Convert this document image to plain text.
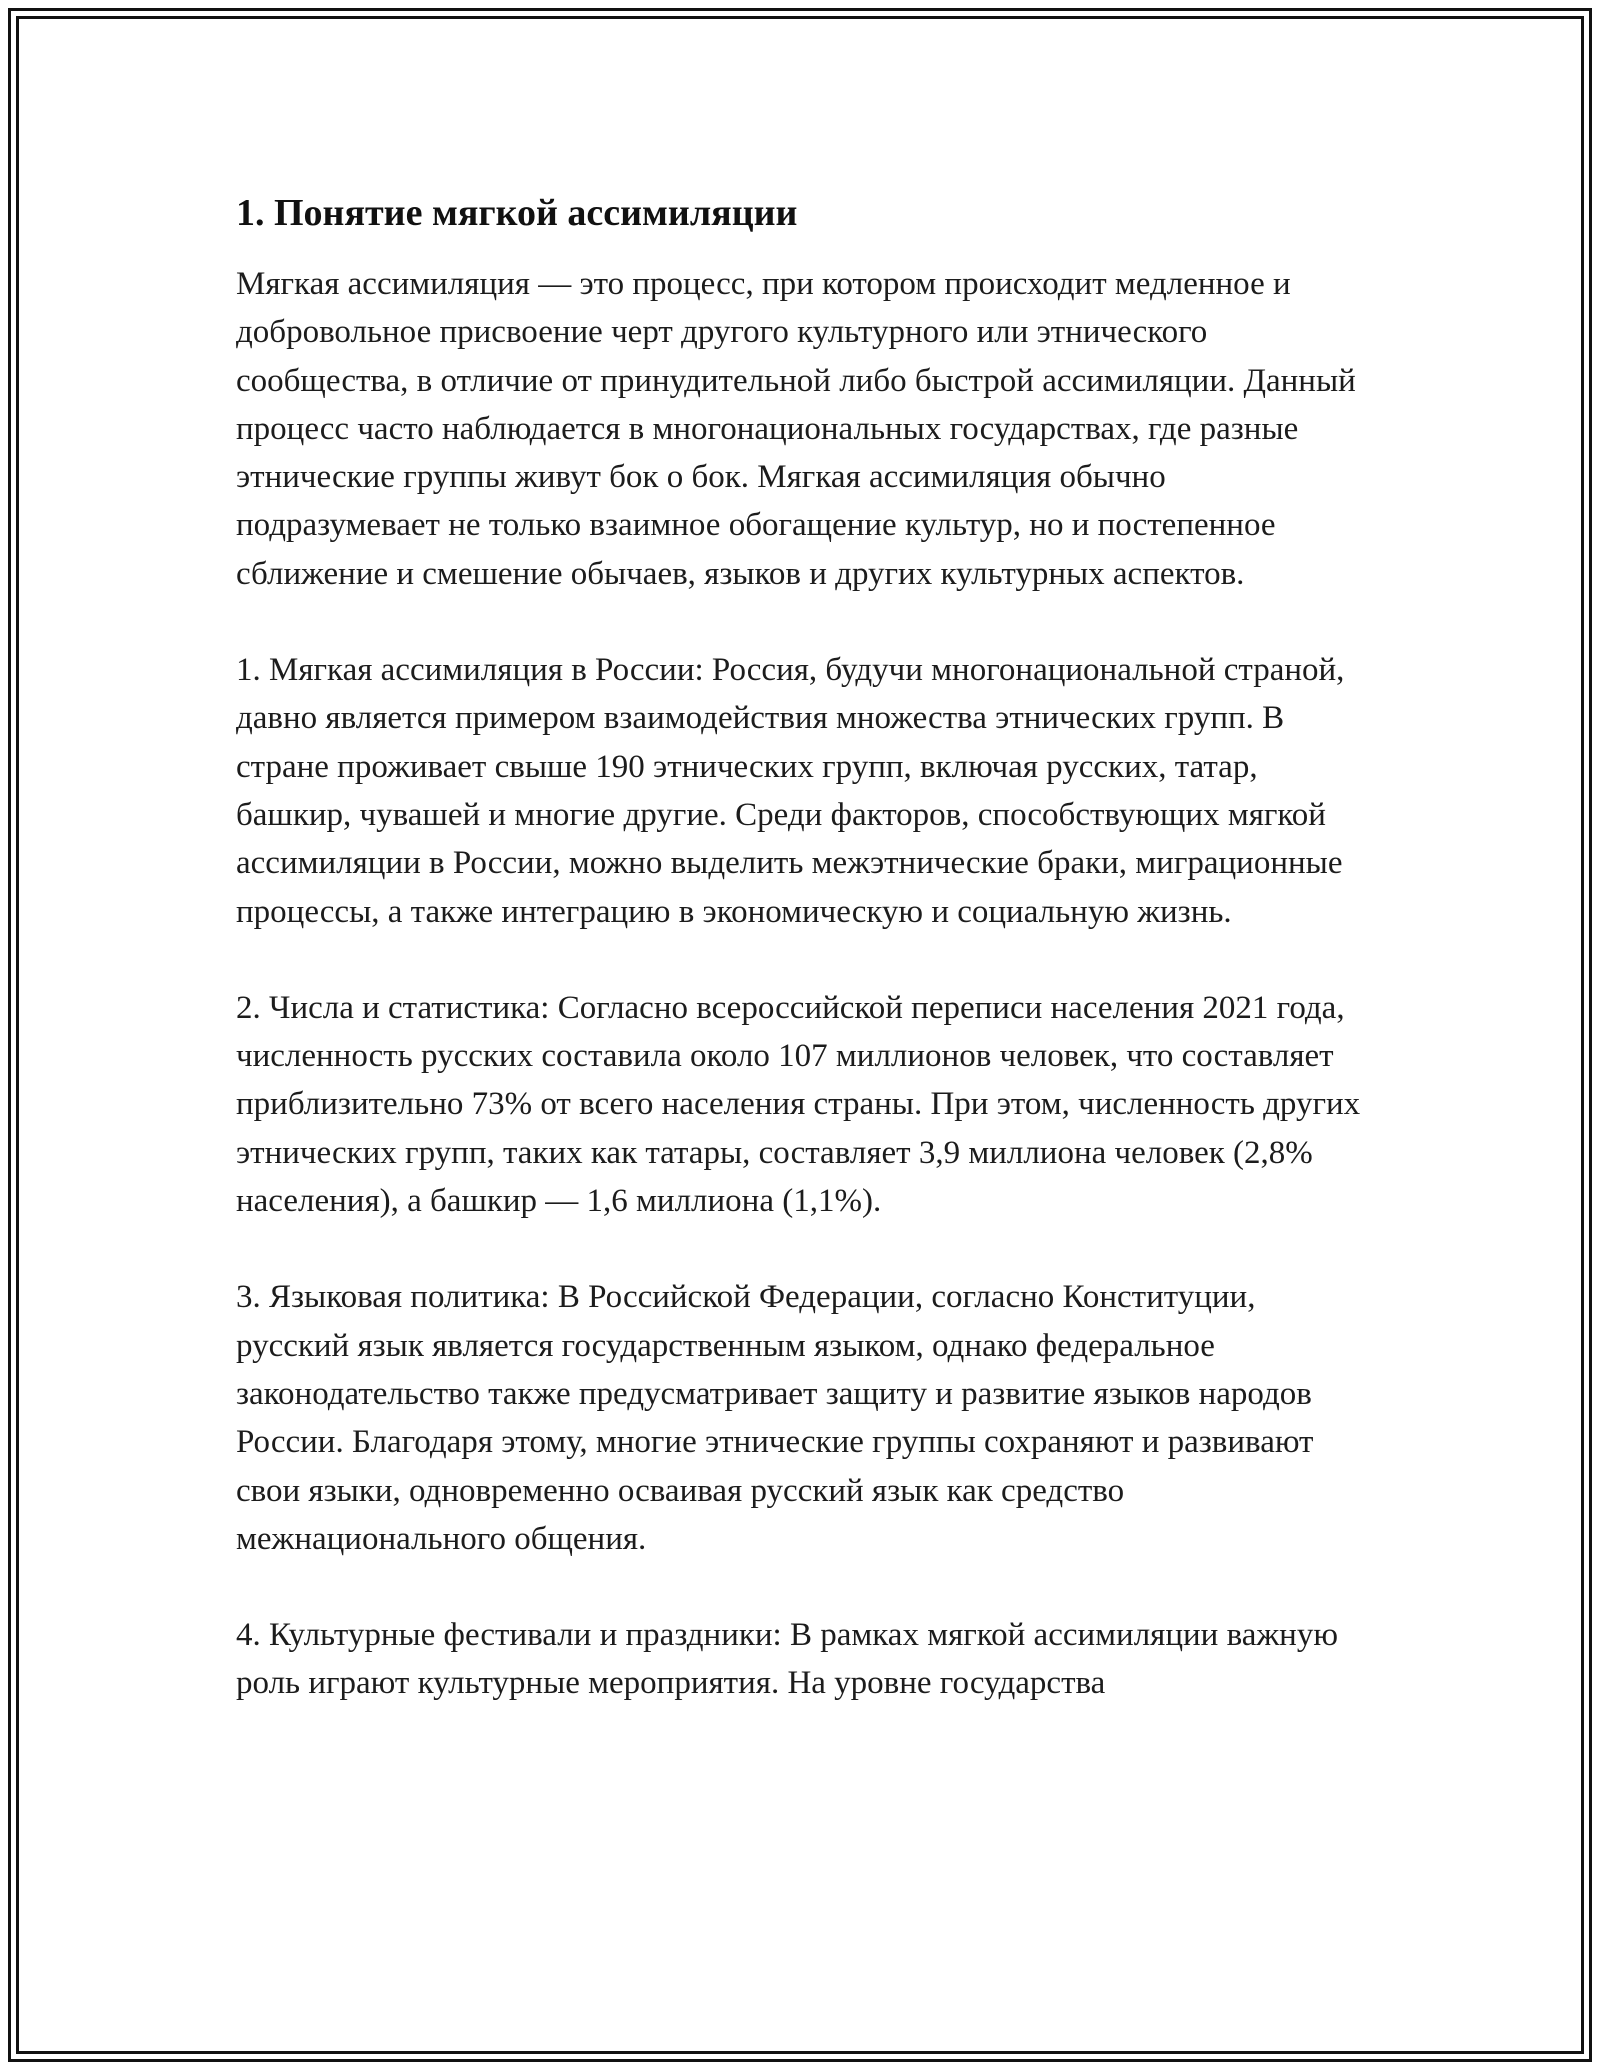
1. Понятие мягкой ассимиляции

Мягкая ассимиляция — это процесс, при котором происходит медленное и добровольное присвоение черт другого культурного или этнического сообщества, в отличие от принудительной либо быстрой ассимиляции. Данный процесс часто наблюдается в многонациональных государствах, где разные этнические группы живут бок о бок. Мягкая ассимиляция обычно подразумевает не только взаимное обогащение культур, но и постепенное сближение и смешение обычаев, языков и других культурных аспектов.

1. Мягкая ассимиляция в России: Россия, будучи многонациональной страной, давно является примером взаимодействия множества этнических групп. В стране проживает свыше 190 этнических групп, включая русских, татар, башкир, чувашей и многие другие. Среди факторов, способствующих мягкой ассимиляции в России, можно выделить межэтнические браки, миграционные процессы, а также интеграцию в экономическую и социальную жизнь.

2. Числа и статистика: Согласно всероссийской переписи населения 2021 года, численность русских составила около 107 миллионов человек, что составляет приблизительно 73% от всего населения страны. При этом, численность других этнических групп, таких как татары, составляет 3,9 миллиона человек (2,8% населения), а башкир — 1,6 миллиона (1,1%).

3. Языковая политика: В Российской Федерации, согласно Конституции, русский язык является государственным языком, однако федеральное законодательство также предусматривает защиту и развитие языков народов России. Благодаря этому, многие этнические группы сохраняют и развивают свои языки, одновременно осваивая русский язык как средство межнационального общения.

4. Культурные фестивали и праздники: В рамках мягкой ассимиляции важную роль играют культурные мероприятия. На уровне государства
